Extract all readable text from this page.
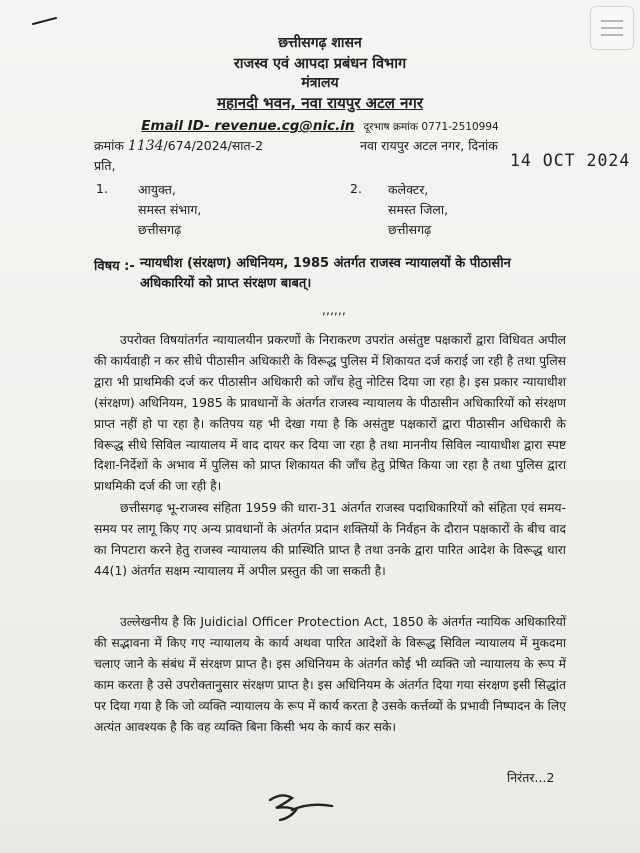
छत्तीसगढ़ शासन
राजस्व एवं आपदा प्रबंधन विभाग
मंत्रालय
महानदी भवन, नवा रायपुर अटल नगर
Email ID- revenue.cg@nic.in दूरभाष क्रमांक 0771-2510994
क्रमांक 1134/674/2024/सात-2	नवा रायपुर अटल नगर, दिनांक
14 OCT 2024
प्रति,
1. आयुक्त,
समस्त संभाग,
छत्तीसगढ़
2. कलेक्टर,
समस्त जिला,
छत्तीसगढ़
विषय :- न्यायधीश (संरक्षण) अधिनियम, 1985 अंतर्गत राजस्व न्यायालयों के पीठासीन अधिकारियों को प्राप्त संरक्षण बाबत्।
,,,,,,
उपरोक्त विषयांतर्गत न्यायालयीन प्रकरणों के निराकरण उपरांत असंतुष्ट पक्षकारों द्वारा विधिवत अपील की कार्यवाही न कर सीधे पीठासीन अधिकारी के विरूद्ध पुलिस में शिकायत दर्ज कराई जा रही है तथा पुलिस द्वारा भी प्राथमिकी दर्ज कर पीठासीन अधिकारी को जाँच हेतु नोटिस दिया जा रहा है। इस प्रकार न्यायाधीश (संरक्षण) अधिनियम, 1985 के प्रावधानों के अंतर्गत राजस्व न्यायालय के पीठासीन अधिकारियों को संरक्षण प्राप्त नहीं हो पा रहा है। कतिपय यह भी देखा गया है कि असंतुष्ट पक्षकारों द्वारा पीठासीन अधिकारी के विरूद्ध सीधे सिविल न्यायालय में वाद दायर कर दिया जा रहा है तथा माननीय सिविल न्यायाधीश द्वारा स्पष्ट दिशा-निर्देशों के अभाव में पुलिस को प्राप्त शिकायत की जाँच हेतु प्रेषित किया जा रहा है तथा पुलिस द्वारा प्राथमिकी दर्ज की जा रही है।
छत्तीसगढ़ भू-राजस्व संहिता 1959 की धारा-31 अंतर्गत राजस्व पदाधिकारियों को संहिता एवं समय-समय पर लागू किए गए अन्य प्रावधानों के अंतर्गत प्रदान शक्तियों के निर्वहन के दौरान पक्षकारों के बीच वाद का निपटारा करने हेतु राजस्व न्यायालय की प्रास्थिति प्राप्त है तथा उनके द्वारा पारित आदेश के विरूद्ध धारा 44(1) अंतर्गत सक्षम न्यायालय में अपील प्रस्तुत की जा सकती है।
उल्लेखनीय है कि Juidicial Officer Protection Act, 1850 के अंतर्गत न्यायिक अधिकारियों की सद्भावना में किए गए न्यायालय के कार्य अथवा पारित आदेशों के विरूद्ध सिविल न्यायालय में मुकदमा चलाए जाने के संबंध में संरक्षण प्राप्त है। इस अधिनियम के अंतर्गत कोई भी व्यक्ति जो न्यायालय के रूप में काम करता है उसे उपरोक्तानुसार संरक्षण प्राप्त है। इस अधिनियम के अंतर्गत दिया गया संरक्षण इसी सिद्धांत पर दिया गया है कि जो व्यक्ति न्यायालय के रूप में कार्य करता है उसके कर्त्तव्यों के प्रभावी निष्पादन के लिए अत्यंत आवश्यक है कि वह व्यक्ति बिना किसी भय के कार्य कर सके।
निरंतर...2
